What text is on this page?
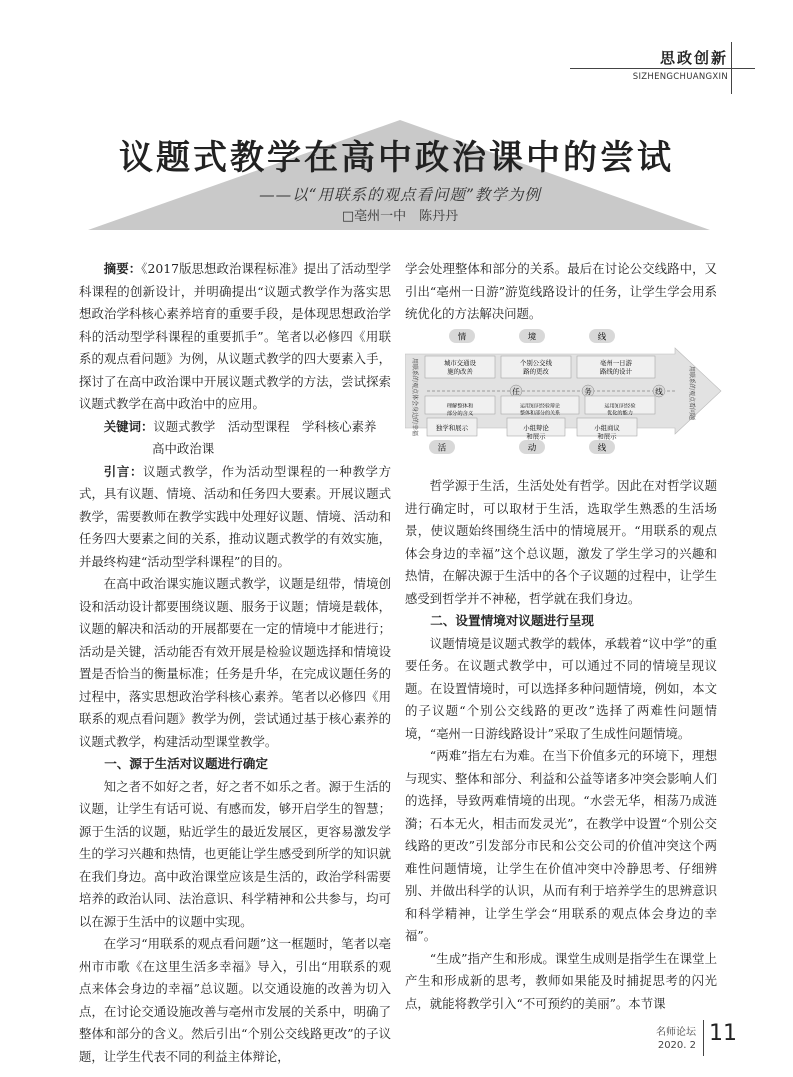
思政创新
SIZHENGCHUANGXIN
议题式教学在高中政治课中的尝试
——以“用联系的观点看问题”教学为例
□亳州一中　陈丹丹

摘要：《2017版思想政治课程标准》提出了活动型学科课程的创新设计，并明确提出“议题式教学作为落实思想政治学科核心素养培育的重要手段，是体现思想政治学科的活动型学科课程的重要抓手”。笔者以必修四《用联系的观点看问题》为例，从议题式教学的四大要素入手，探讨了在高中政治课中开展议题式教学的方法，尝试探索议题式教学在高中政治中的应用。

关键词：议题式教学　活动型课程　学科核心素养

高中政治课

引言：议题式教学，作为活动型课程的一种教学方式，具有议题、情境、活动和任务四大要素。开展议题式教学，需要教师在教学实践中处理好议题、情境、活动和任务四大要素之间的关系，推动议题式教学的有效实施，并最终构建“活动型学科课程”的目的。

在高中政治课实施议题式教学，议题是纽带，情境创设和活动设计都要围绕议题、服务于议题；情境是载体，议题的解决和活动的开展都要在一定的情境中才能进行；活动是关键，活动能否有效开展是检验议题选择和情境设置是否恰当的衡量标准；任务是升华，在完成议题任务的过程中，落实思想政治学科核心素养。笔者以必修四《用联系的观点看问题》教学为例，尝试通过基于核心素养的议题式教学，构建活动型课堂教学。

一、源于生活对议题进行确定

知之者不如好之者，好之者不如乐之者。源于生活的议题，让学生有话可说、有感而发，够开启学生的智慧；源于生活的议题，贴近学生的最近发展区，更容易激发学生的学习兴趣和热情，也更能让学生感受到所学的知识就在我们身边。高中政治课堂应该是生活的，政治学科需要培养的政治认同、法治意识、科学精神和公共参与，均可以在源于生活中的议题中实现。

在学习“用联系的观点看问题”这一框题时，笔者以亳州市市歌《在这里生活多幸福》导入，引出“用联系的观点来体会身边的幸福”总议题。以交通设施的改善为切入点，在讨论交通设施改善与亳州市发展的关系中，明确了整体和部分的含义。然后引出“个别公交线路更改”的子议题，让学生代表不同的利益主体辩论，

学会处理整体和部分的关系。最后在讨论公交线路中，又引出“亳州一日游”游览线路设计的任务，让学生学会用系统优化的方法解决问题。

用联系的观点体会身边的幸福	用联系的观点看问题
情	境	线
城市交通设施的改善
个别公交线路的更改
亳州一日游路线的设计
任	务	线
理解整体和部分的含义
运用知识经验辩论整体和部分的关系
运用知识经验优化的能力
独学和展示	小组辩论和展示
小组商议和展示
活	动	线

哲学源于生活，生活处处有哲学。因此在对哲学议题进行确定时，可以取材于生活，选取学生熟悉的生活场景，使议题始终围绕生活中的情境展开。“用联系的观点体会身边的幸福”这个总议题，激发了学生学习的兴趣和热情，在解决源于生活中的各个子议题的过程中，让学生感受到哲学并不神秘，哲学就在我们身边。

二、设置情境对议题进行呈现

议题情境是议题式教学的载体，承载着“议中学”的重要任务。在议题式教学中，可以通过不同的情境呈现议题。在设置情境时，可以选择多种问题情境，例如，本文的子议题“个别公交线路的更改”选择了两难性问题情境，“亳州一日游线路设计”采取了生成性问题情境。

“两难”指左右为难。在当下价值多元的环境下，理想与现实、整体和部分、利益和公益等诸多冲突会影响人们的选择，导致两难情境的出现。“水尝无华，相荡乃成涟漪；石本无火，相击而发灵光”，在教学中设置“个别公交线路的更改”引发部分市民和公交公司的价值冲突这个两难性问题情境，让学生在价值冲突中冷静思考、仔细辨别、并做出科学的认识，从而有利于培养学生的思辨意识和科学精神，让学生学会“用联系的观点体会身边的幸福”。

“生成”指产生和形成。课堂生成则是指学生在课堂上产生和形成新的思考，教师如果能及时捕捉思考的闪光点，就能将教学引入“不可预约的美丽”。本节课

名师论坛
2020. 2 11
